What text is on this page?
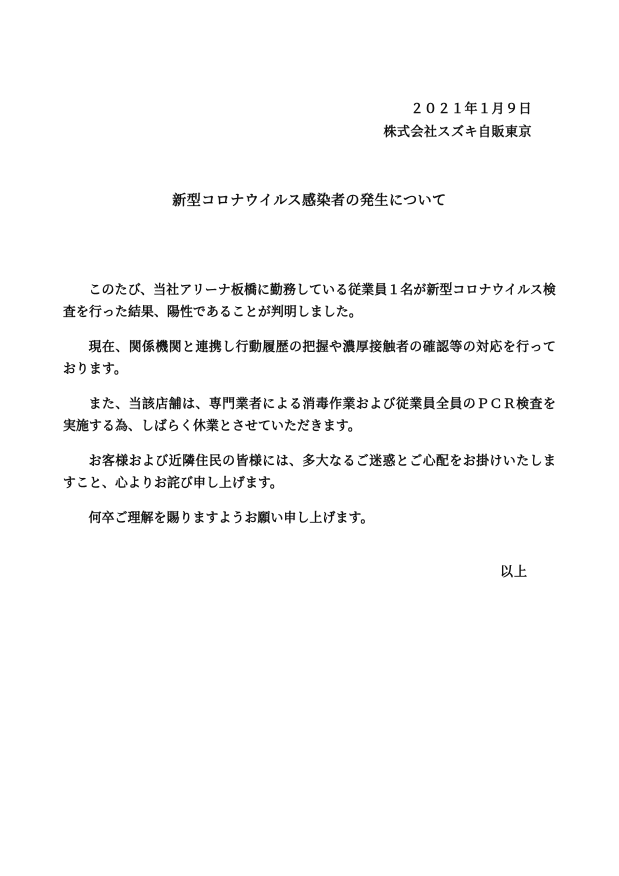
２０２１年１月９日
株式会社スズキ自販東京
新型コロナウイルス感染者の発生について

このたび、当社アリーナ板橋に勤務している従業員１名が新型コロナウイルス検査を行った結果、陽性であることが判明しました。

現在、関係機関と連携し行動履歴の把握や濃厚接触者の確認等の対応を行っております。

また、当該店舗は、専門業者による消毒作業および従業員全員のＰＣＲ検査を実施する為、しばらく休業とさせていただきます。

お客様および近隣住民の皆様には、多大なるご迷惑とご心配をお掛けいたしますこと、心よりお詫び申し上げます。

何卒ご理解を賜りますようお願い申し上げます。

以上
